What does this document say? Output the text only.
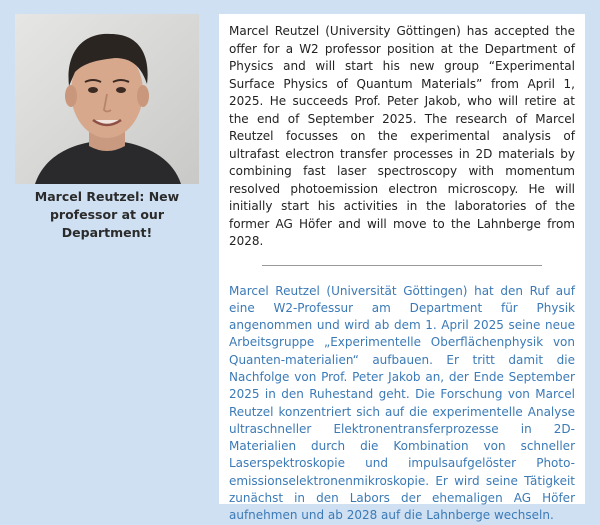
Marcel Reutzel: New professor at our Department!

Marcel Reutzel (University Göttingen) has accepted the offer for a W2 professor position at the Department of Physics and will start his new group “Experimental Surface Physics of Quantum Materials” from April 1, 2025. He succeeds Prof. Peter Jakob, who will retire at the end of September 2025. The research of Marcel Reutzel focusses on the experimental analysis of ultrafast electron transfer processes in 2D materials by combining fast laser spectroscopy with momentum resolved photoemission electron microscopy. He will initially start his activities in the laboratories of the former AG Höfer and will move to the Lahnberge from 2028.

Marcel Reutzel (Universität Göttingen) hat den Ruf auf eine W2-Professur am Department für Physik angenommen und wird ab dem 1. April 2025 seine neue Arbeitsgruppe „Experimentelle Oberflächenphysik von Quanten-materialien“ aufbauen. Er tritt damit die Nachfolge von Prof. Peter Jakob an, der Ende September 2025 in den Ruhestand geht. Die Forschung von Marcel Reutzel konzentriert sich auf die experimentelle Analyse ultraschneller Elektronentransferprozesse in 2D-Materialien durch die Kombination von schneller Laserspektroskopie und impulsaufgelöster Photo-emissionselektronenmikroskopie. Er wird seine Tätigkeit zunächst in den Labors der ehemaligen AG Höfer aufnehmen und ab 2028 auf die Lahnberge wechseln.
